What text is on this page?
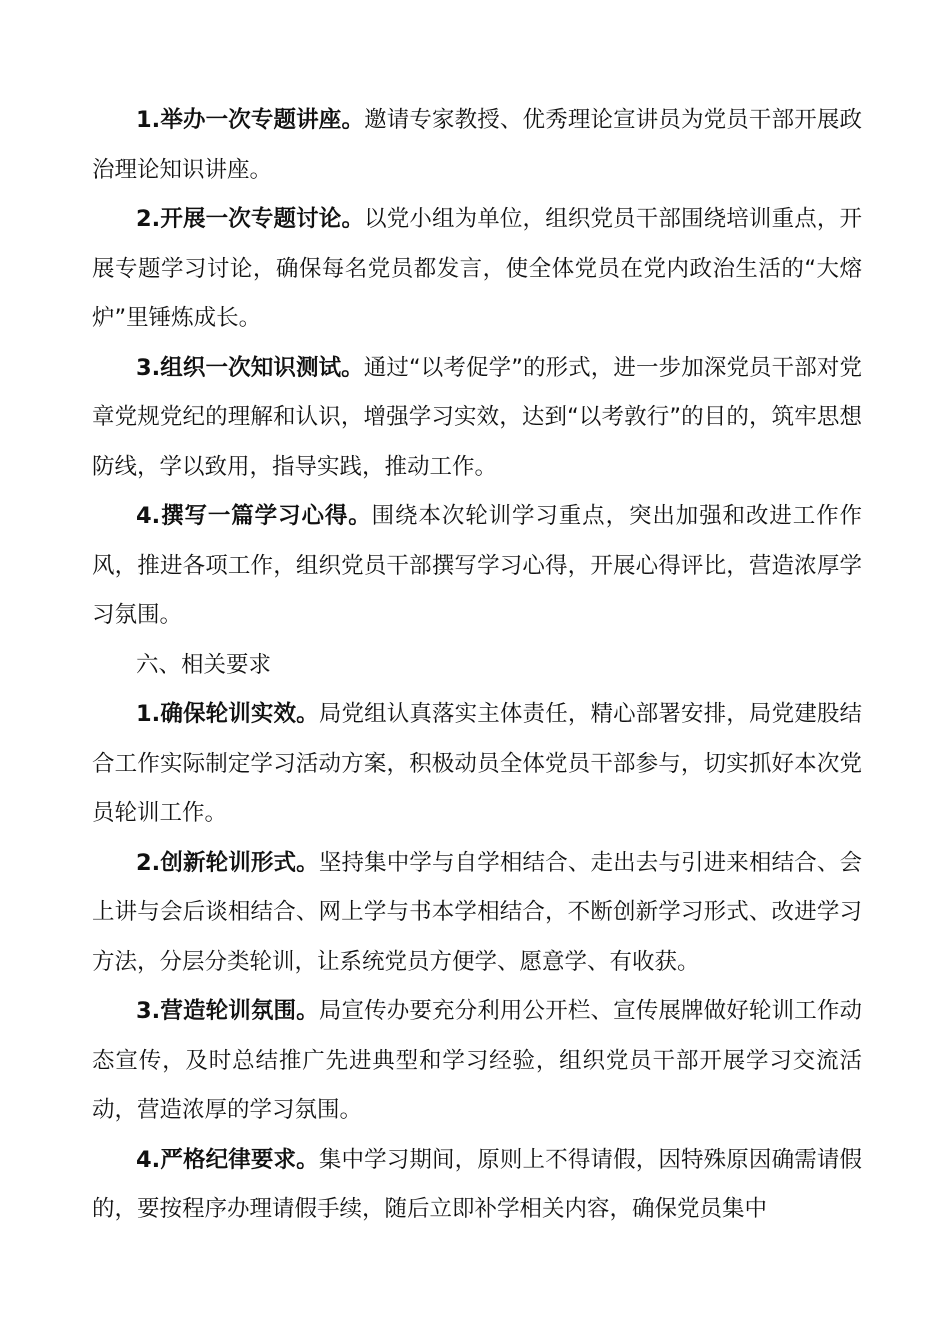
1.举办一次专题讲座。邀请专家教授、优秀理论宣讲员为党员干部开展政治理论知识讲座。

2.开展一次专题讨论。以党小组为单位，组织党员干部围绕培训重点，开展专题学习讨论，确保每名党员都发言，使全体党员在党内政治生活的“大熔炉”里锤炼成长。

3.组织一次知识测试。通过“以考促学”的形式，进一步加深党员干部对党章党规党纪的理解和认识，增强学习实效，达到“以考敦行”的目的，筑牢思想防线，学以致用，指导实践，推动工作。

4.撰写一篇学习心得。围绕本次轮训学习重点，突出加强和改进工作作风，推进各项工作，组织党员干部撰写学习心得，开展心得评比，营造浓厚学习氛围。

六、相关要求

1.确保轮训实效。局党组认真落实主体责任，精心部署安排，局党建股结合工作实际制定学习活动方案，积极动员全体党员干部参与，切实抓好本次党员轮训工作。

2.创新轮训形式。坚持集中学与自学相结合、走出去与引进来相结合、会上讲与会后谈相结合、网上学与书本学相结合，不断创新学习形式、改进学习方法，分层分类轮训，让系统党员方便学、愿意学、有收获。

3.营造轮训氛围。局宣传办要充分利用公开栏、宣传展牌做好轮训工作动态宣传，及时总结推广先进典型和学习经验，组织党员干部开展学习交流活动，营造浓厚的学习氛围。

4.严格纪律要求。集中学习期间，原则上不得请假，因特殊原因确需请假的，要按程序办理请假手续，随后立即补学相关内容，确保党员集中
